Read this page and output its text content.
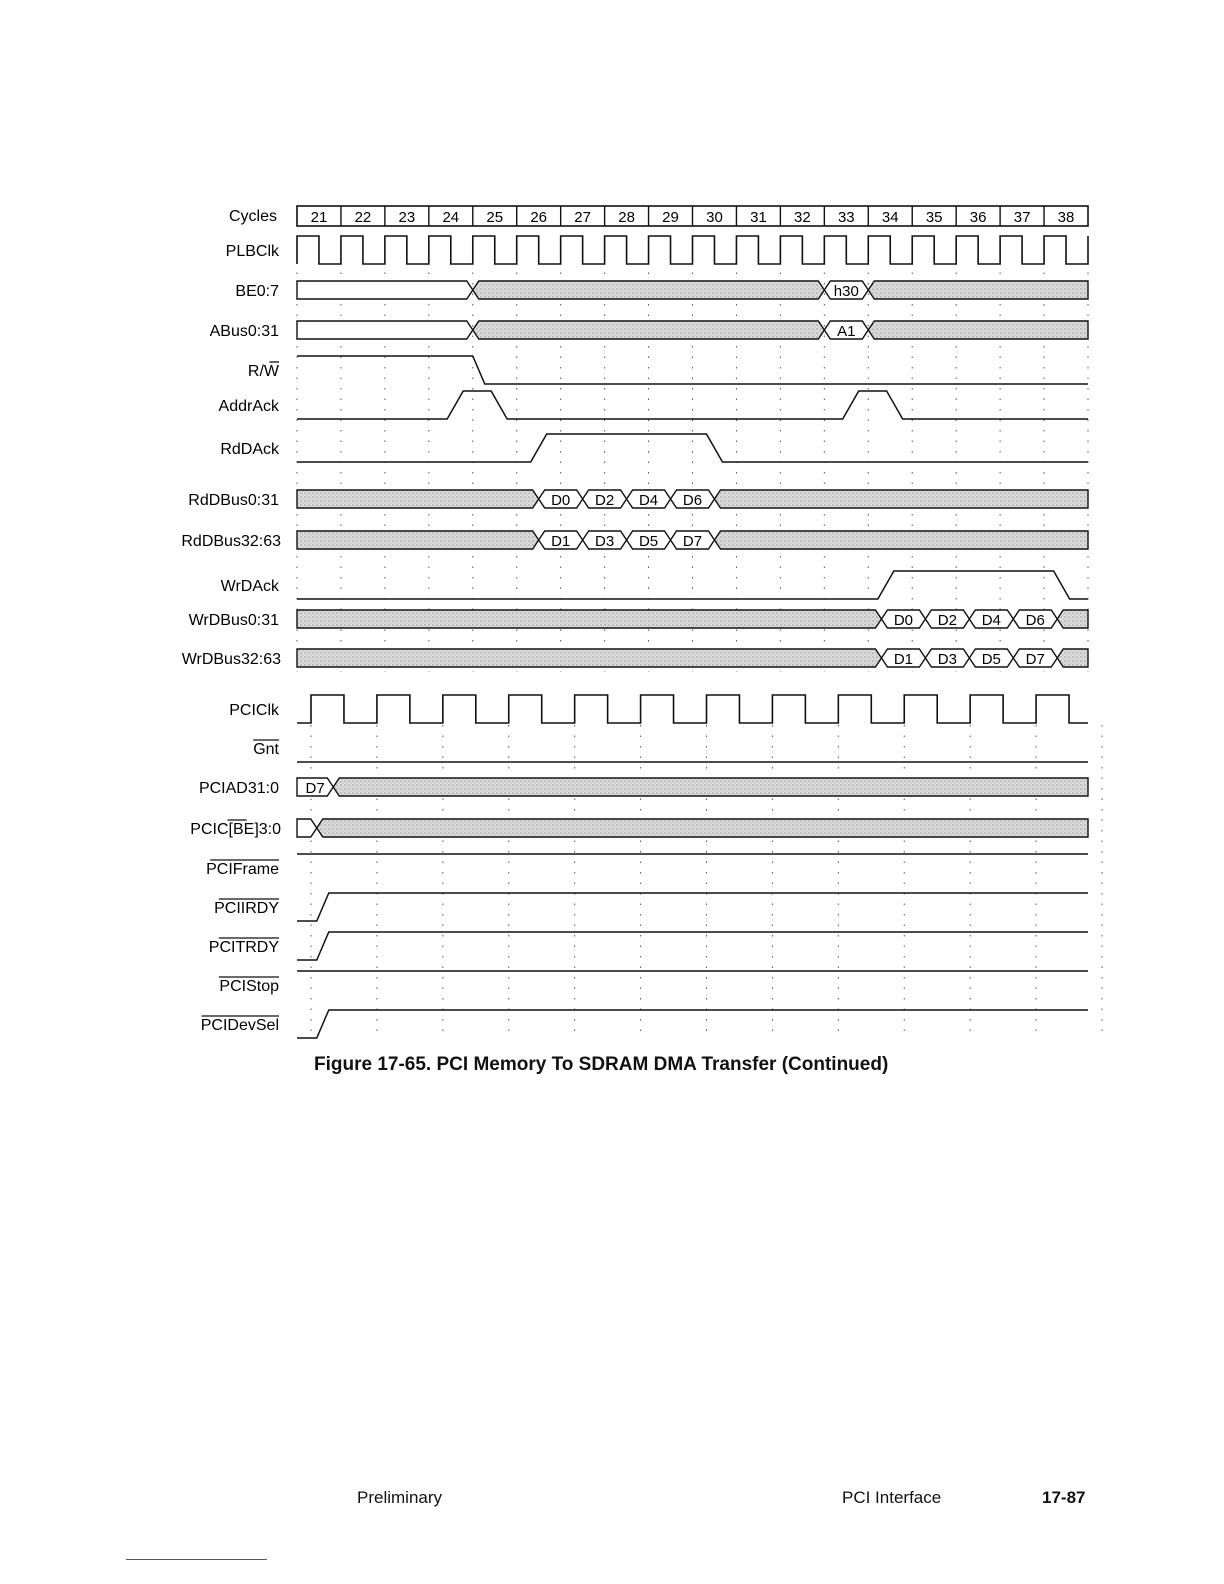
Cycles 21 22 23 24 25 26 27 28 29 30 31 32 33 34 35 36 37 38
PLBClk
BE0:7	h30
ABus0:31	A1
R/W
AddrAck
RdDAck
RdDBus0:31	D0 D2 D4 D6
RdDBus32:63	D1 D3 D5 D7
WrDAck
WrDBus0:31	D0 D2 D4 D6
WrDBus32:63	D1 D3 D5 D7
PCIClk
Gnt
PCIAD31:0 D7
PCIC[BE]3:0
PCIFrame
PCIIRDY
PCITRDY
PCIStop
PCIDevSel
Figure 17-65. PCI Memory To SDRAM DMA Transfer (Continued)
Preliminary	PCI Interface	17-87
